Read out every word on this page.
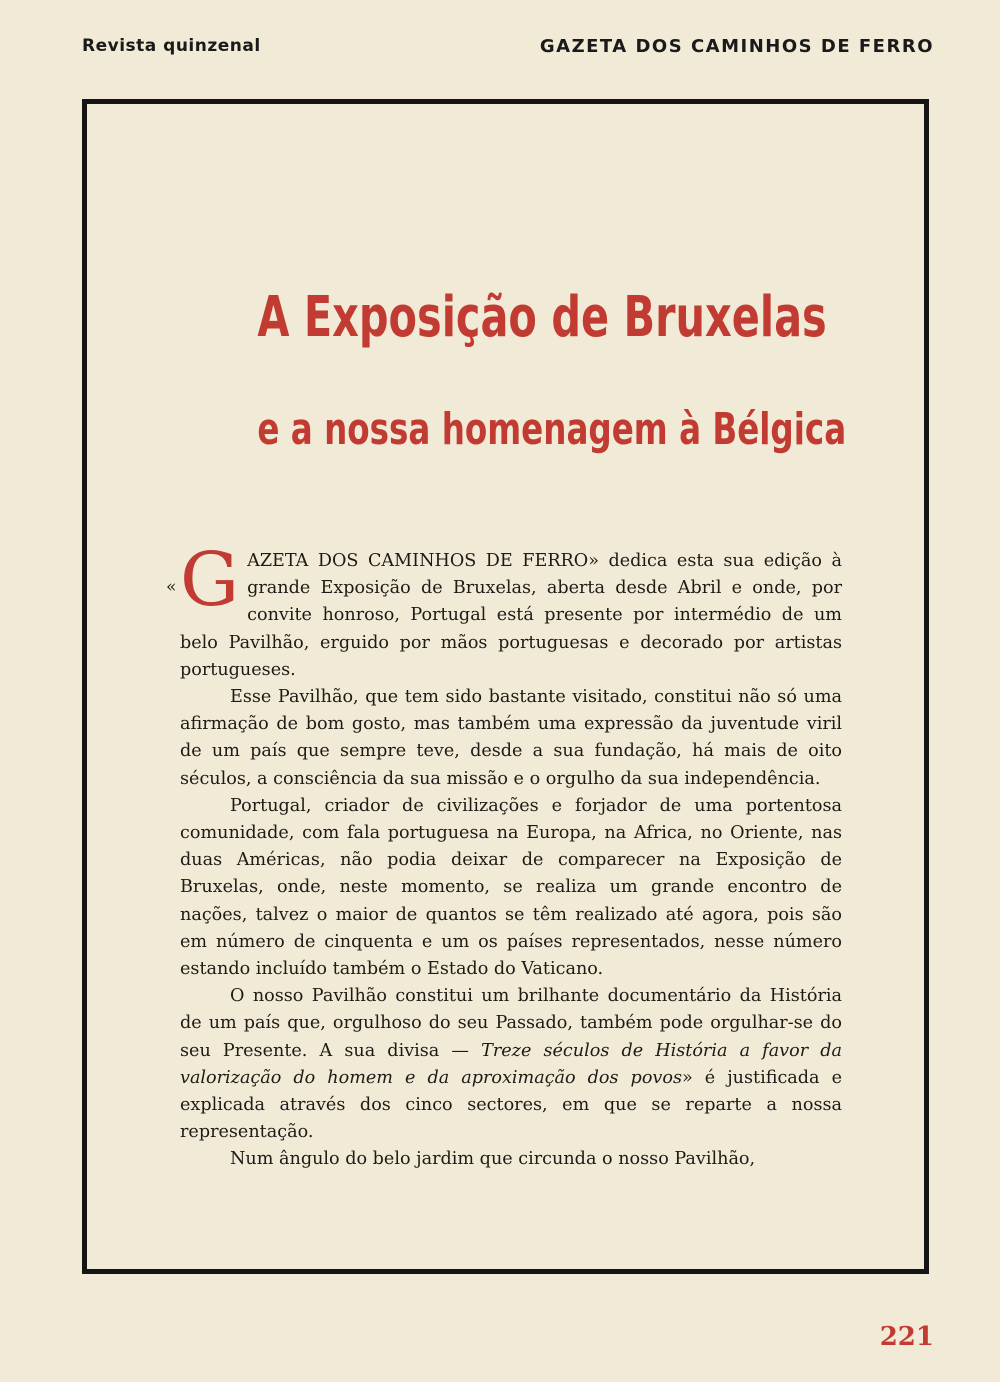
Revista quinzenal	GAZETA DOS CAMINHOS DE FERRO
A Exposição de Bruxelas
e a nossa homenagem à Bélgica

« G AZETA DOS CAMINHOS DE FERRO» dedica esta sua edição à grande Exposição de Bruxelas, aberta desde Abril e onde, por convite honroso, Portugal está presente por intermédio de um belo Pavilhão, erguido por mãos portuguesas e decorado por artistas portugueses.

Esse Pavilhão, que tem sido bastante visitado, constitui não só uma afirmação de bom gosto, mas também uma expressão da juventude viril de um país que sempre teve, desde a sua fundação, há mais de oito séculos, a consciência da sua missão e o orgulho da sua independência.

Portugal, criador de civilizações e forjador de uma portentosa comunidade, com fala portuguesa na Europa, na Africa, no Oriente, nas duas Américas, não podia deixar de comparecer na Exposição de Bruxelas, onde, neste momento, se realiza um grande encontro de nações, talvez o maior de quantos se têm realizado até agora, pois são em número de cinquenta e um os países representados, nesse número estando incluído também o Estado do Vaticano.

O nosso Pavilhão constitui um brilhante documentário da História de um país que, orgulhoso do seu Passado, também pode orgulhar-se do seu Presente. A sua divisa — Treze séculos de História a favor da valorização do homem e da aproximação dos povos» é justificada e explicada através dos cinco sectores, em que se reparte a nossa representação.

Num ângulo do belo jardim que circunda o nosso Pavilhão,

221
